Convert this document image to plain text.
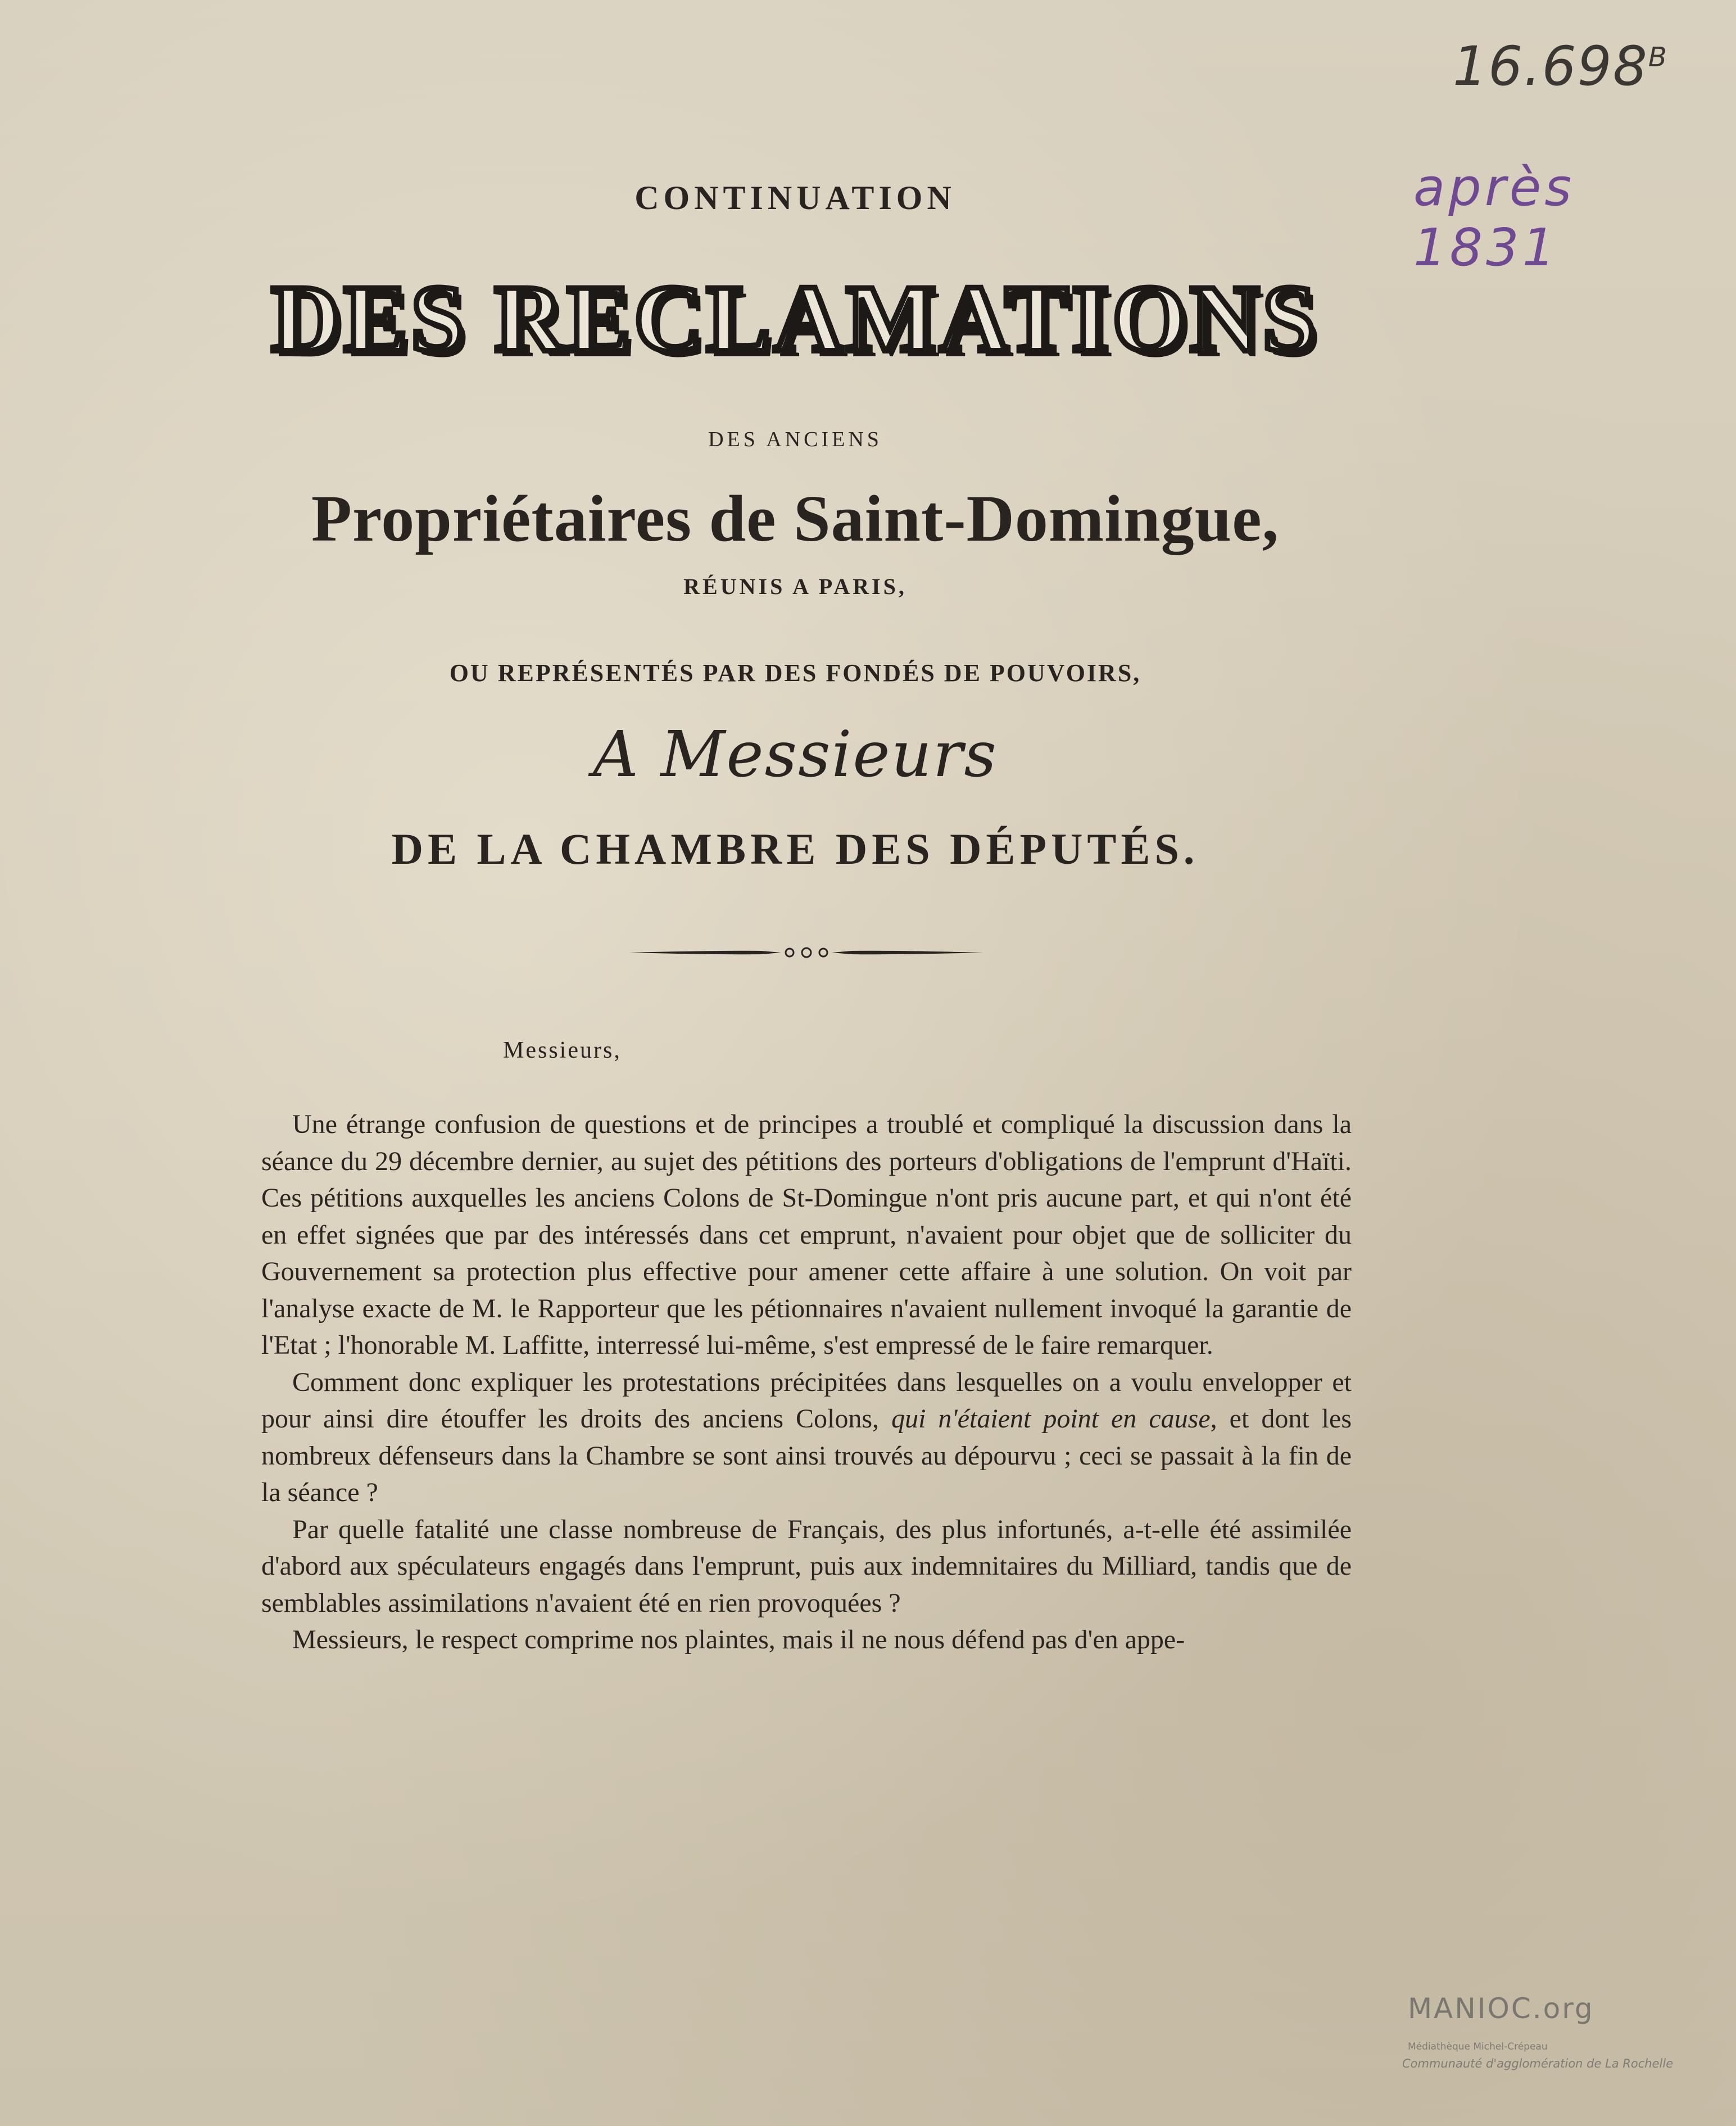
$16.698^B$
après 1831
CONTINUATION
DES RECLAMATIONS
DES ANCIENS
Propriétaires de Saint-Domingue,
RÉUNIS A PARIS,
OU REPRÉSENTÉS PAR DES FONDÉS DE POUVOIRS,
A Messieurs
DE LA CHAMBRE DES DÉPUTÉS.
Messieurs,

Une étrange confusion de questions et de principes a troublé et compliqué la discussion dans la séance du 29 décembre dernier, au sujet des pétitions des porteurs d'obligations de l'emprunt d'Haïti. Ces pétitions auxquelles les anciens Colons de St-Domingue n'ont pris aucune part, et qui n'ont été en effet signées que par des intéressés dans cet emprunt, n'avaient pour objet que de solliciter du Gouvernement sa protection plus effective pour amener cette affaire à une solution. On voit par l'analyse exacte de M. le Rapporteur que les pétionnaires n'avaient nullement invoqué la garantie de l'Etat ; l'honorable M. Laffitte, interressé lui-même, s'est empressé de le faire remarquer.

Comment donc expliquer les protestations précipitées dans lesquelles on a voulu envelopper et pour ainsi dire étouffer les droits des anciens Colons, qui n'étaient point en cause, et dont les nombreux défenseurs dans la Chambre se sont ainsi trouvés au dépourvu ; ceci se passait à la fin de la séance ?

Par quelle fatalité une classe nombreuse de Français, des plus infortunés, a-t-elle été assimilée d'abord aux spéculateurs engagés dans l'emprunt, puis aux indemnitaires du Milliard, tandis que de semblables assimilations n'avaient été en rien provoquées ?

Messieurs, le respect comprime nos plaintes, mais il ne nous défend pas d'en appe-

MANIOC.org
Médiathèque Michel-Crépeau
Communauté d'agglomération de La Rochelle
